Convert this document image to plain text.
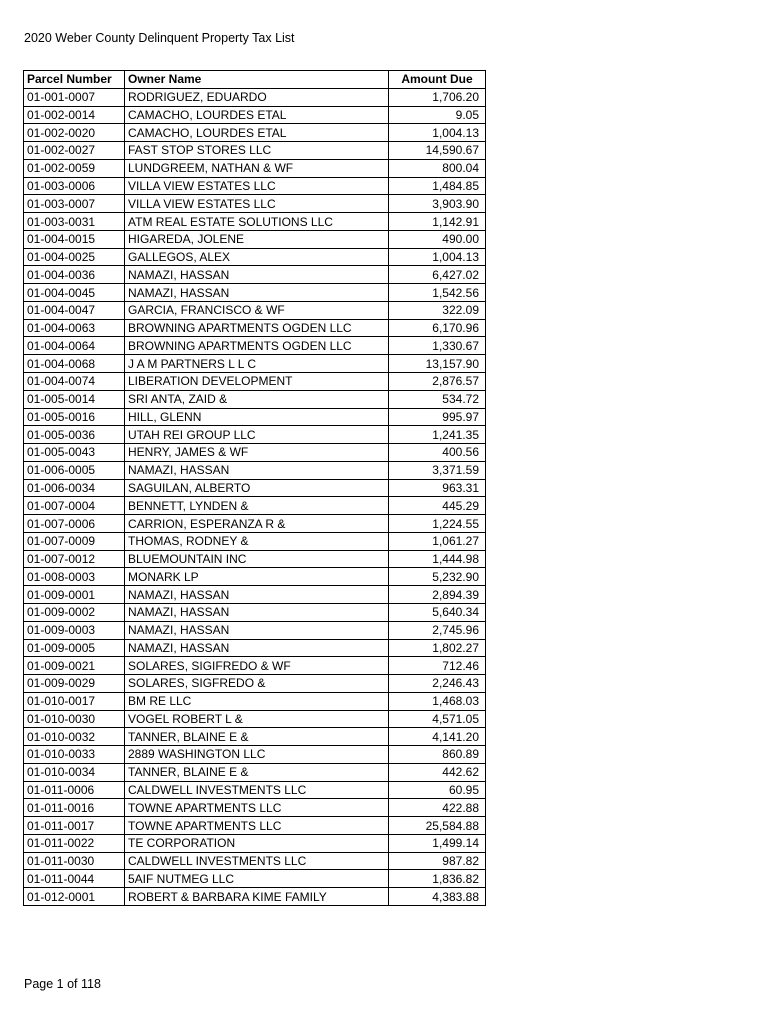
2020 Weber County Delinquent Property Tax List
Parcel Number	Owner Name	Amount Due
01-001-0007	RODRIGUEZ, EDUARDO	1,706.20
01-002-0014	CAMACHO, LOURDES ETAL	9.05
01-002-0020	CAMACHO, LOURDES ETAL	1,004.13
01-002-0027	FAST STOP STORES LLC	14,590.67
01-002-0059	LUNDGREEM, NATHAN & WF	800.04
01-003-0006	VILLA VIEW ESTATES LLC	1,484.85
01-003-0007	VILLA VIEW ESTATES LLC	3,903.90
01-003-0031	ATM REAL ESTATE SOLUTIONS LLC	1,142.91
01-004-0015	HIGAREDA, JOLENE	490.00
01-004-0025	GALLEGOS, ALEX	1,004.13
01-004-0036	NAMAZI, HASSAN	6,427.02
01-004-0045	NAMAZI, HASSAN	1,542.56
01-004-0047	GARCIA, FRANCISCO & WF	322.09
01-004-0063	BROWNING APARTMENTS OGDEN LLC	6,170.96
01-004-0064	BROWNING APARTMENTS OGDEN LLC	1,330.67
01-004-0068	J A M PARTNERS L L C	13,157.90
01-004-0074	LIBERATION DEVELOPMENT	2,876.57
01-005-0014	SRI ANTA, ZAID &	534.72
01-005-0016	HILL, GLENN	995.97
01-005-0036	UTAH REI GROUP LLC	1,241.35
01-005-0043	HENRY, JAMES & WF	400.56
01-006-0005	NAMAZI, HASSAN	3,371.59
01-006-0034	SAGUILAN, ALBERTO	963.31
01-007-0004	BENNETT, LYNDEN &	445.29
01-007-0006	CARRION, ESPERANZA R &	1,224.55
01-007-0009	THOMAS, RODNEY &	1,061.27
01-007-0012	BLUEMOUNTAIN INC	1,444.98
01-008-0003	MONARK LP	5,232.90
01-009-0001	NAMAZI, HASSAN	2,894.39
01-009-0002	NAMAZI, HASSAN	5,640.34
01-009-0003	NAMAZI, HASSAN	2,745.96
01-009-0005	NAMAZI, HASSAN	1,802.27
01-009-0021	SOLARES, SIGIFREDO & WF	712.46
01-009-0029	SOLARES, SIGFREDO &	2,246.43
01-010-0017	BM RE LLC	1,468.03
01-010-0030	VOGEL ROBERT L &	4,571.05
01-010-0032	TANNER, BLAINE E &	4,141.20
01-010-0033	2889 WASHINGTON LLC	860.89
01-010-0034	TANNER, BLAINE E &	442.62
01-011-0006	CALDWELL INVESTMENTS LLC	60.95
01-011-0016	TOWNE APARTMENTS LLC	422.88
01-011-0017	TOWNE APARTMENTS LLC	25,584.88
01-011-0022	TE CORPORATION	1,499.14
01-011-0030	CALDWELL INVESTMENTS LLC	987.82
01-011-0044	5AIF NUTMEG LLC	1,836.82
01-012-0001	ROBERT & BARBARA KIME FAMILY	4,383.88
Page 1 of 118
